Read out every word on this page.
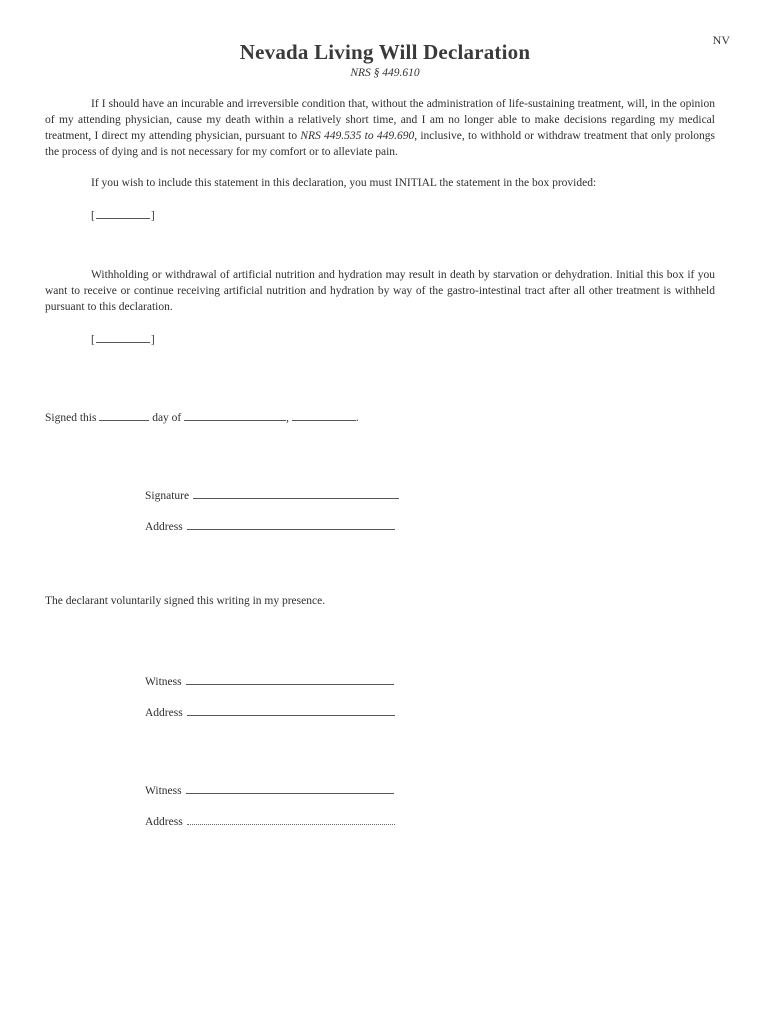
NV
Nevada Living Will Declaration
NRS § 449.610
If I should have an incurable and irreversible condition that, without the administration of life-sustaining treatment, will, in the opinion of my attending physician, cause my death within a relatively short time, and I am no longer able to make decisions regarding my medical treatment, I direct my attending physician, pursuant to NRS 449.535 to 449.690, inclusive, to withhold or withdraw treatment that only prolongs the process of dying and is not necessary for my comfort or to alleviate pain.
If you wish to include this statement in this declaration, you must INITIAL the statement in the box provided:
[	]
Withholding or withdrawal of artificial nutrition and hydration may result in death by starvation or dehydration. Initial this box if you want to receive or continue receiving artificial nutrition and hydration by way of the gastro-intestinal tract after all other treatment is withheld pursuant to this declaration.
[	]
Signed this	day of	,	.
Signature
Address
The declarant voluntarily signed this writing in my presence.
Witness
Address
Witness
Address
